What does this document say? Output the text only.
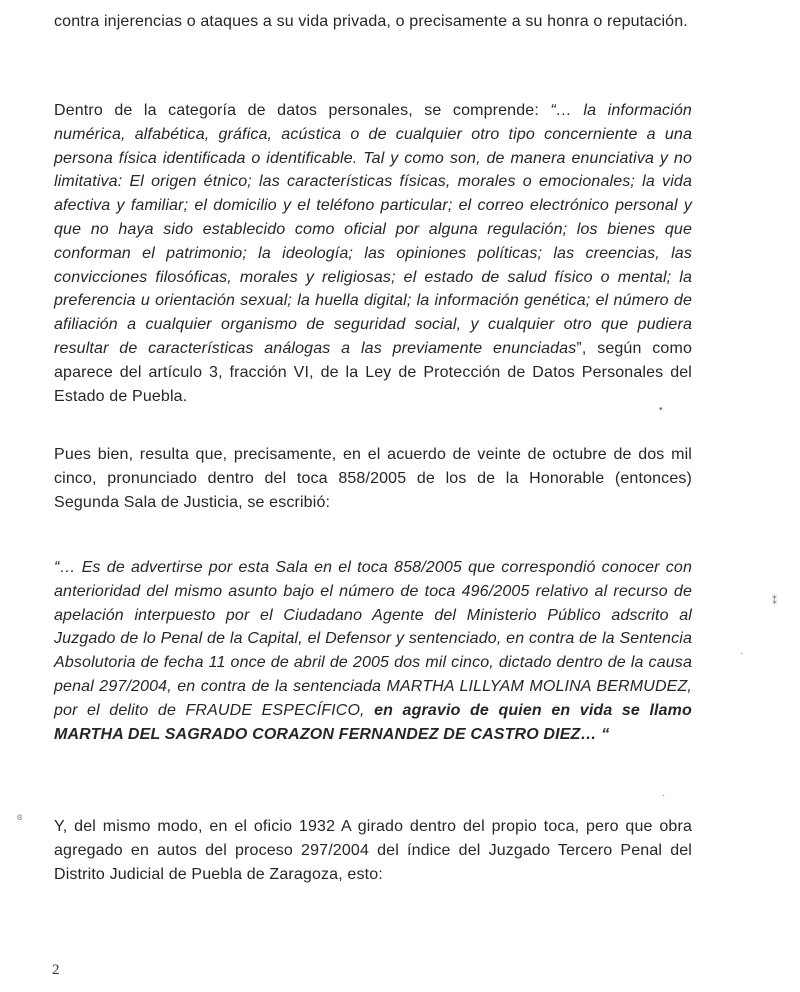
contra injerencias o ataques a su vida privada, o precisamente a su honra o reputación.

Dentro de la categoría de datos personales, se comprende: “… la información numérica, alfabética, gráfica, acústica o de cualquier otro tipo concerniente a una persona física identificada o identificable. Tal y como son, de manera enunciativa y no limitativa: El origen étnico; las características físicas, morales o emocionales; la vida afectiva y familiar; el domicilio y el teléfono particular; el correo electrónico personal y que no haya sido establecido como oficial por alguna regulación; los bienes que conforman el patrimonio; la ideología; las opiniones políticas; las creencias, las convicciones filosóficas, morales y religiosas; el estado de salud físico o mental; la preferencia u orientación sexual; la huella digital; la información genética; el número de afiliación a cualquier organismo de seguridad social, y cualquier otro que pudiera resultar de características análogas a las previamente enunciadas”, según como aparece del artículo 3, fracción VI, de la Ley de Protección de Datos Personales del Estado de Puebla.

Pues bien, resulta que, precisamente, en el acuerdo de veinte de octubre de dos mil cinco, pronunciado dentro del toca 858/2005 de los de la Honorable (entonces) Segunda Sala de Justicia, se escribió:

“… Es de advertirse por esta Sala en el toca 858/2005 que correspondió conocer con anterioridad del mismo asunto bajo el número de toca 496/2005 relativo al recurso de apelación interpuesto por el Ciudadano Agente del Ministerio Público adscrito al Juzgado de lo Penal de la Capital, el Defensor y sentenciado, en contra de la Sentencia Absolutoria de fecha 11 once de abril de 2005 dos mil cinco, dictado dentro de la causa penal 297/2004, en contra de la sentenciada MARTHA LILLYAM MOLINA BERMUDEZ, por el delito de FRAUDE ESPECÍFICO, en agravio de quien en vida se llamo MARTHA DEL SAGRADO CORAZON FERNANDEZ DE CASTRO DIEZ… “

Y, del mismo modo, en el oficio 1932 A girado dentro del propio toca, pero que obra agregado en autos del proceso 297/2004 del índice del Juzgado Tercero Penal del Distrito Judicial de Puebla de Zaragoza, esto:

2
•
⁑
·
ɞ
·
